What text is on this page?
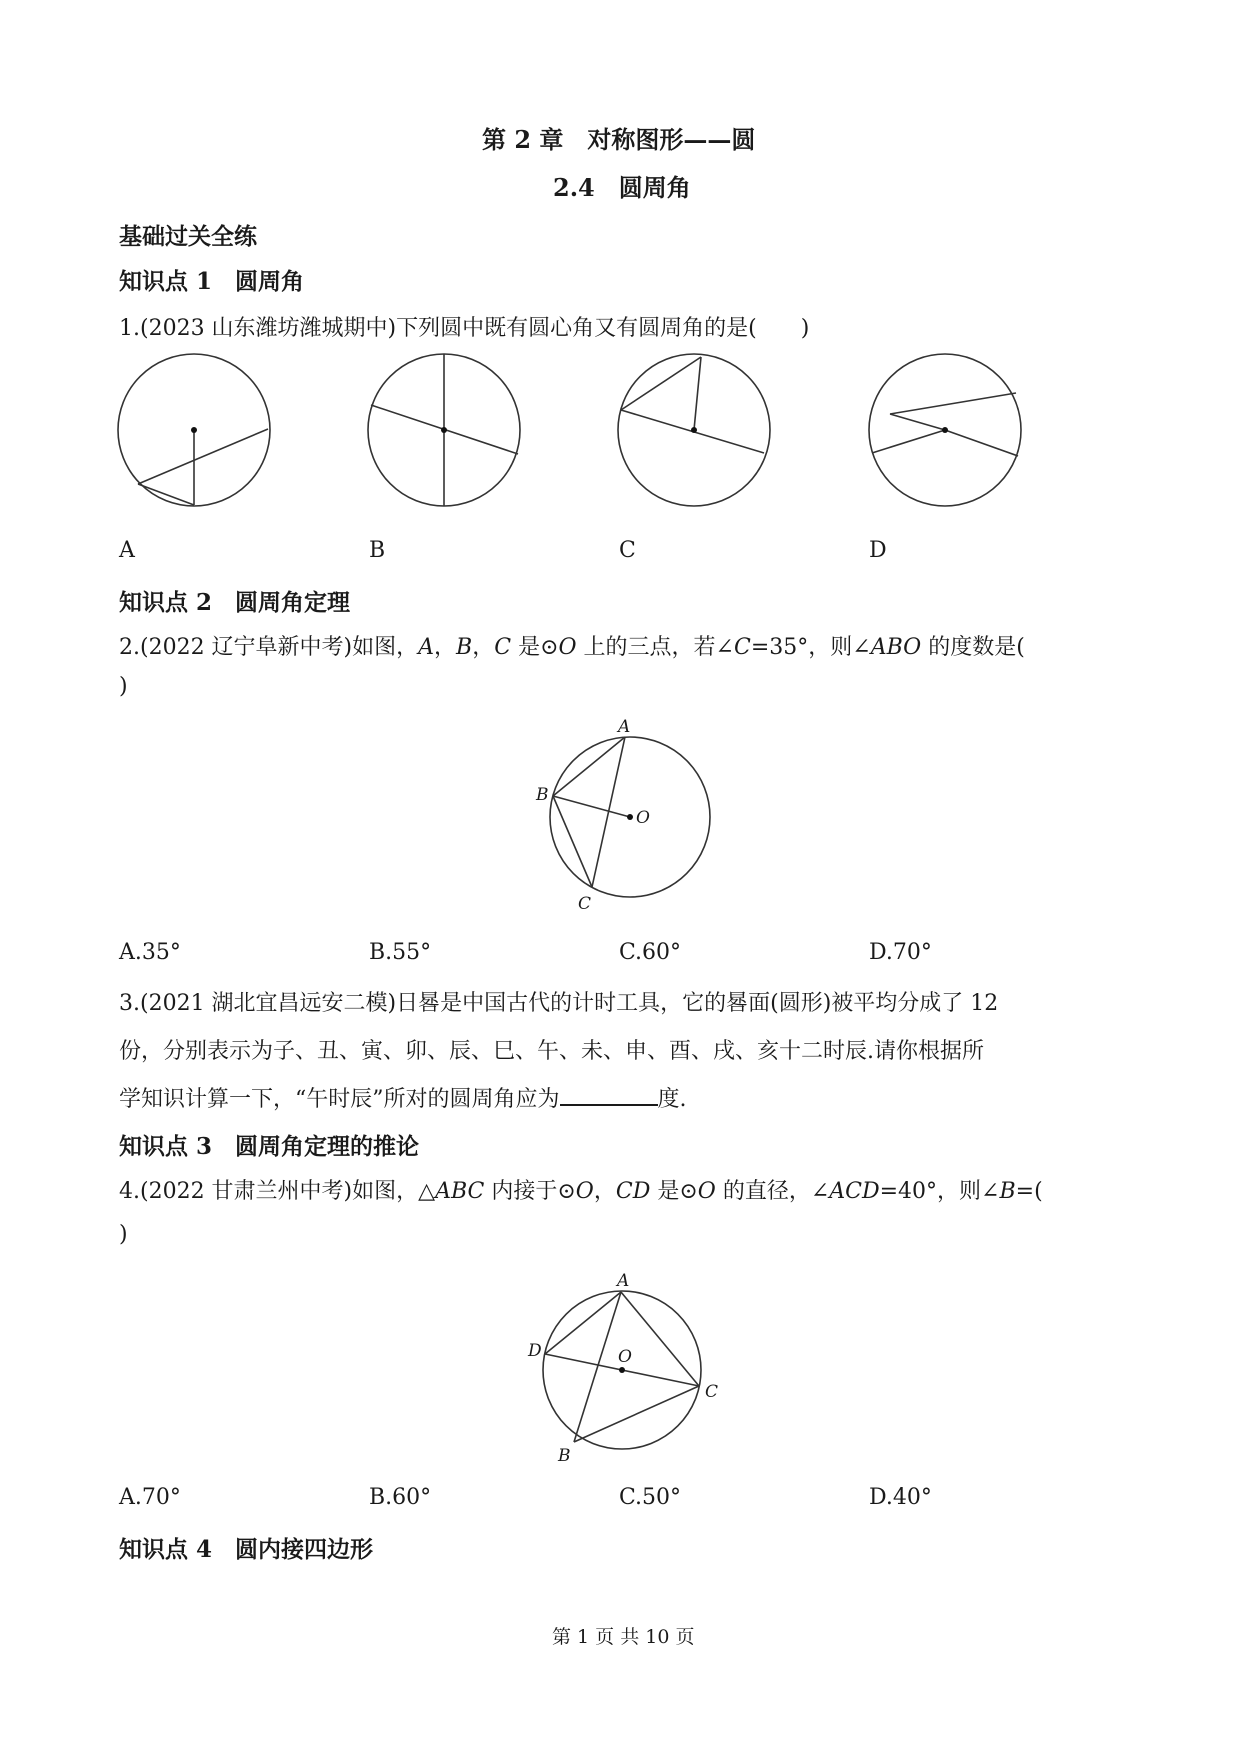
第 2 章　对称图形——圆
2.4　圆周角
基础过关全练
知识点 1　圆周角
1.(2023 山东潍坊潍城期中)下列圆中既有圆心角又有圆周角的是(　　)
A	B	C	D
知识点 2　圆周角定理
2.(2022 辽宁阜新中考)如图，A，B，C 是⊙O 上的三点，若∠C=35°，则∠ABO 的度数是(
)
A
B
C
O
A.35°	B.55°	C.60°	D.70°
3.(2021 湖北宜昌远安二模)日晷是中国古代的计时工具，它的晷面(圆形)被平均分成了 12
份，分别表示为子、丑、寅、卯、辰、巳、午、未、申、酉、戌、亥十二时辰.请你根据所
学知识计算一下，“午时辰”所对的圆周角应为	度.
知识点 3　圆周角定理的推论
4.(2022 甘肃兰州中考)如图，△ABC 内接于⊙O，CD 是⊙O 的直径，∠ACD=40°，则∠B=(
)
A
D	O
C
B
A.70°	B.60°	C.50°	D.40°
知识点 4　圆内接四边形
第 1 页 共 10 页
